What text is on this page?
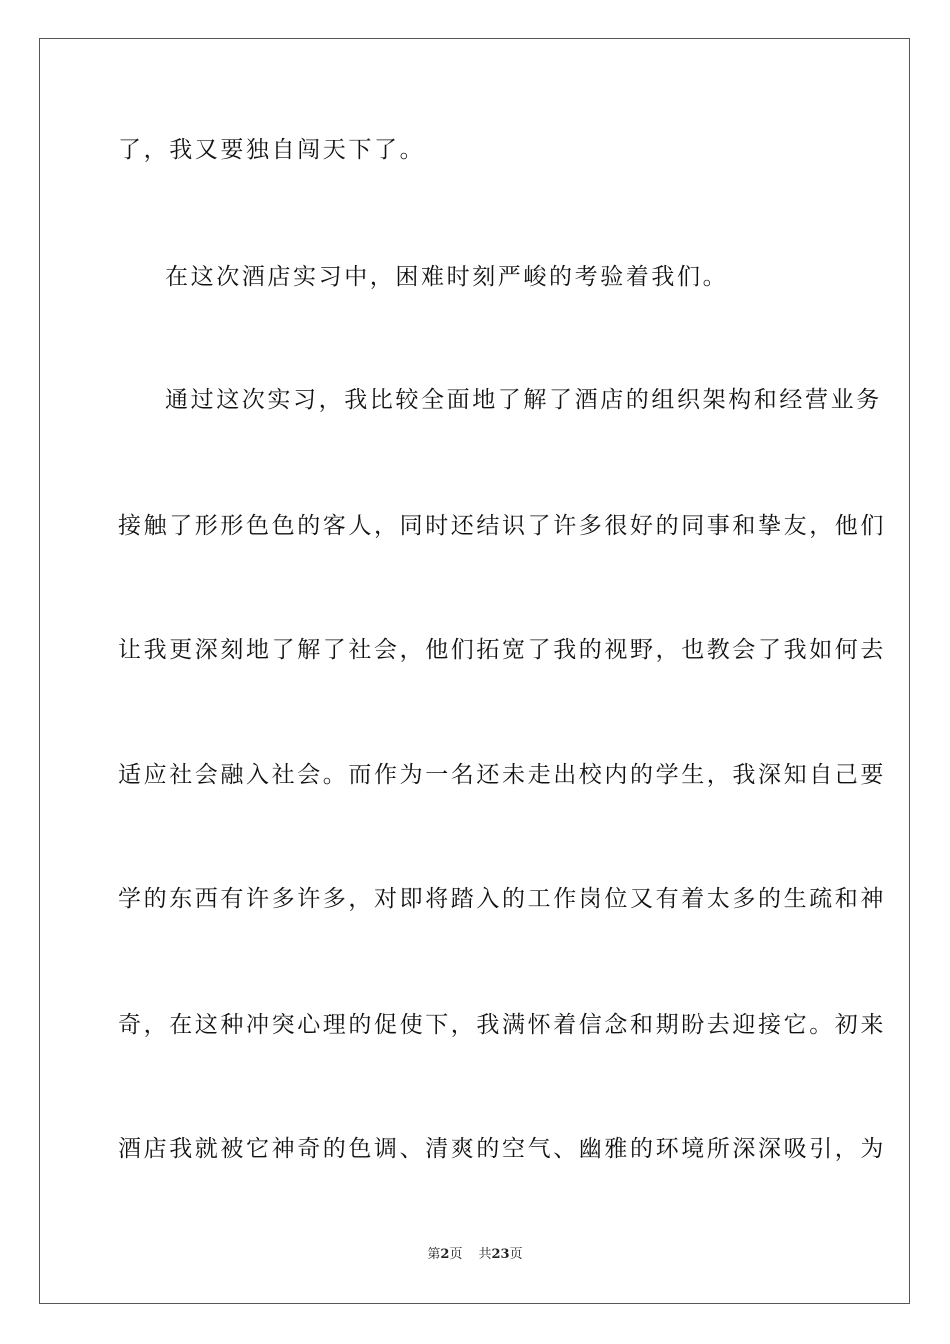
了，我又要独自闯天下了。
在这次酒店实习中，困难时刻严峻的考验着我们。
通过这次实习，我比较全面地了解了酒店的组织架构和经营业务
接触了形形色色的客人，同时还结识了许多很好的同事和挚友，他们
让我更深刻地了解了社会，他们拓宽了我的视野，也教会了我如何去
适应社会融入社会。而作为一名还未走出校内的学生，我深知自己要
学的东西有许多许多，对即将踏入的工作岗位又有着太多的生疏和神
奇，在这种冲突心理的促使下，我满怀着信念和期盼去迎接它。初来
酒店我就被它神奇的色调、清爽的空气、幽雅的环境所深深吸引，为
第2页 共23页
